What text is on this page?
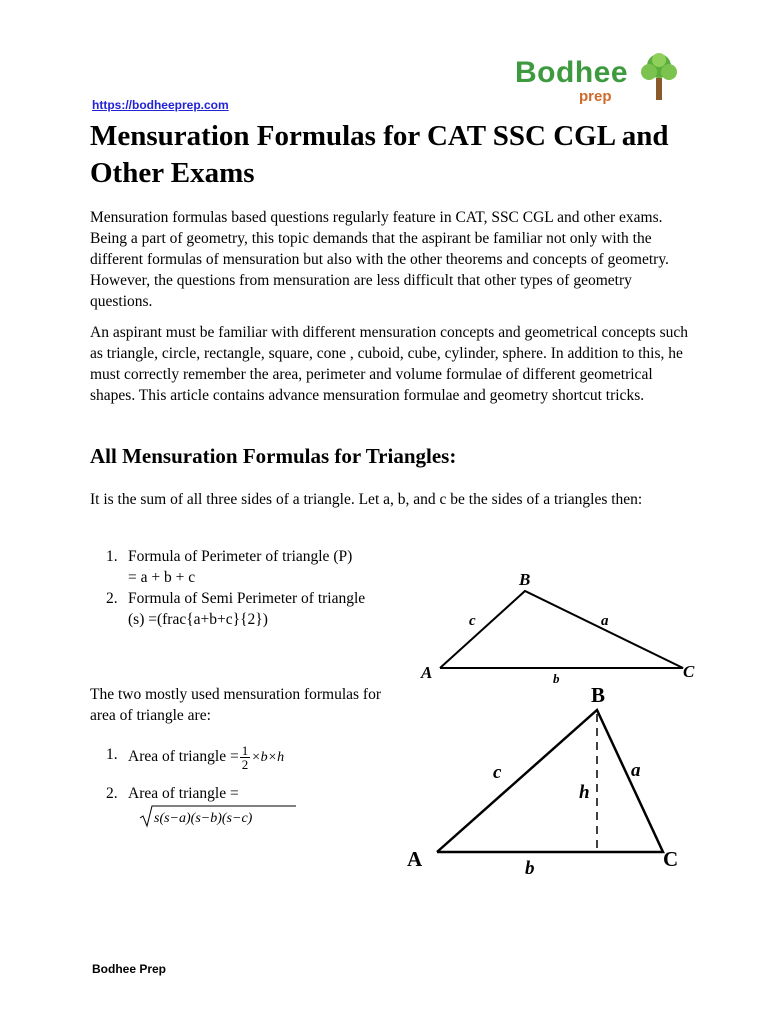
Bodhee
prep
https://bodheeprep.com
Mensuration Formulas for CAT SSC CGL and Other Exams

Mensuration formulas based questions regularly feature in CAT, SSC CGL and other exams. Being a part of geometry, this topic demands that the aspirant be familiar not only with the different formulas of mensuration but also with the other theorems and concepts of geometry. However, the questions from mensuration are less difficult that other types of geometry questions.

An aspirant must be familiar with different mensuration concepts and geometrical concepts such as triangle, circle, rectangle, square, cone , cuboid, cube, cylinder, sphere. In addition to this, he must correctly remember the area, perimeter and volume formulae of different geometrical shapes. This article contains advance mensuration formulae and geometry shortcut tricks.

All Mensuration Formulas for Triangles:

It is the sum of all three sides of a triangle. Let a, b, and c be the sides of a triangles then:

1. Formula of Perimeter of triangle (P)
= a + b + c
2. Formula of Semi Perimeter of triangle
(s) =(frac{a+b+c}{2})
A
B
C
c	a
b

The two mostly used mensuration formulas for area of triangle are:

1. Area of triangle = $\frac{1}{2} \times b\times h$
2. Area of triangle =
s(s−a)(s−b)(s−c)
A
B
C
c	a
b
h
Bodhee Prep
